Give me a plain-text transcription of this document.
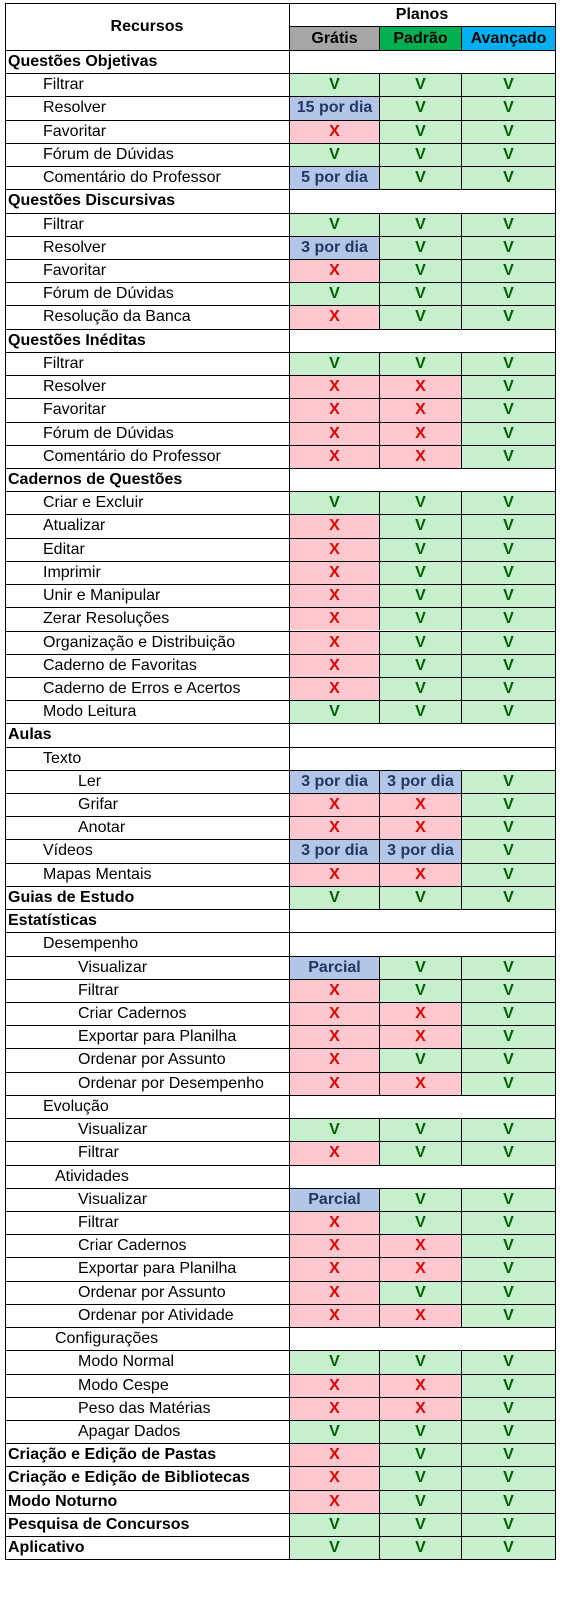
Recursos
Planos
Grátis	Padrão	Avançado
Questões Objetivas
Filtrar	V	V	V
Resolver	15 por dia	V	V
Favoritar	X	V	V
Fórum de Dúvidas	V	V	V
Comentário do Professor	5 por dia	V	V
Questões Discursivas
Filtrar	V	V	V
Resolver	3 por dia	V	V
Favoritar	X	V	V
Fórum de Dúvidas	V	V	V
Resolução da Banca	X	V	V
Questões Inéditas
Filtrar	V	V	V
Resolver	X	X	V
Favoritar	X	X	V
Fórum de Dúvidas	X	X	V
Comentário do Professor	X	X	V
Cadernos de Questões
Criar e Excluir	V	V	V
Atualizar	X	V	V
Editar	X	V	V
Imprimir	X	V	V
Unir e Manipular	X	V	V
Zerar Resoluções	X	V	V
Organização e Distribuição	X	V	V
Caderno de Favoritas	X	V	V
Caderno de Erros e Acertos	X	V	V
Modo Leitura	V	V	V
Aulas
Texto
Ler	3 por dia	3 por dia	V
Grifar	X	X	V
Anotar	X	X	V
Vídeos	3 por dia	3 por dia	V
Mapas Mentais	X	X	V
Guias de Estudo	V	V	V
Estatísticas
Desempenho
Visualizar	Parcial	V	V
Filtrar	X	V	V
Criar Cadernos	X	X	V
Exportar para Planilha	X	X	V
Ordenar por Assunto	X	V	V
Ordenar por Desempenho	X	X	V
Evolução
Visualizar	V	V	V
Filtrar	X	V	V
Atividades
Visualizar	Parcial	V	V
Filtrar	X	V	V
Criar Cadernos	X	X	V
Exportar para Planilha	X	X	V
Ordenar por Assunto	X	V	V
Ordenar por Atividade	X	X	V
Configurações
Modo Normal	V	V	V
Modo Cespe	X	X	V
Peso das Matérias	X	X	V
Apagar Dados	V	V	V
Criação e Edição de Pastas	X	V	V
Criação e Edição de Bibliotecas	X	V	V
Modo Noturno	X	V	V
Pesquisa de Concursos	V	V	V
Aplicativo	V	V	V
